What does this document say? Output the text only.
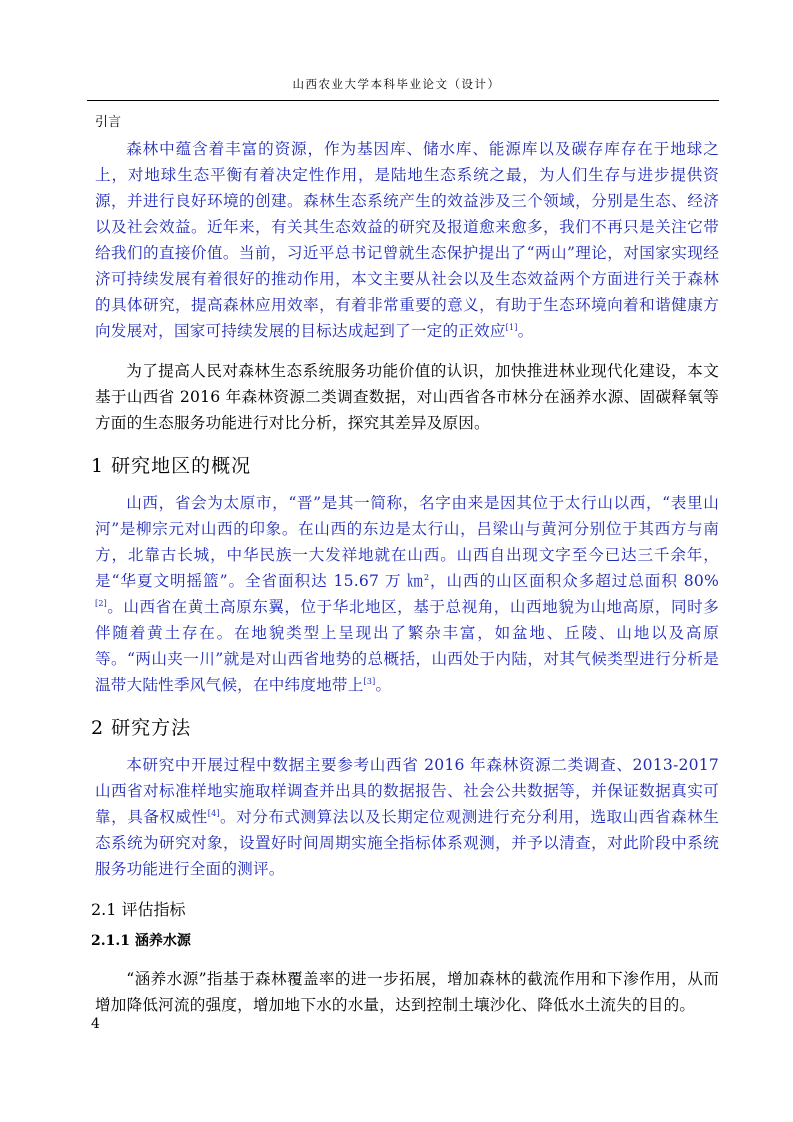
山西农业大学本科毕业论文（设计）

引言

森林中蕴含着丰富的资源，作为基因库、储水库、能源库以及碳存库存在于地球之上，对地球生态平衡有着决定性作用，是陆地生态系统之最，为人们生存与进步提供资源，并进行良好环境的创建。森林生态系统产生的效益涉及三个领域，分别是生态、经济以及社会效益。近年来，有关其生态效益的研究及报道愈来愈多，我们不再只是关注它带给我们的直接价值。当前，习近平总书记曾就生态保护提出了“两山”理论，对国家实现经济可持续发展有着很好的推动作用，本文主要从社会以及生态效益两个方面进行关于森林的具体研究，提高森林应用效率，有着非常重要的意义，有助于生态环境向着和谐健康方向发展对，国家可持续发展的目标达成起到了一定的正效应[1]。

为了提高人民对森林生态系统服务功能价值的认识，加快推进林业现代化建设，本文基于山西省 2016 年森林资源二类调查数据，对山西省各市林分在涵养水源、固碳释氧等方面的生态服务功能进行对比分析，探究其差异及原因。

1 研究地区的概况

山西，省会为太原市，“晋”是其一简称，名字由来是因其位于太行山以西，“表里山河”是柳宗元对山西的印象。在山西的东边是太行山，吕梁山与黄河分别位于其西方与南方，北靠古长城，中华民族一大发祥地就在山西。山西自出现文字至今已达三千余年，是“华夏文明摇篮”。全省面积达 15.67 万 ㎞$^2$，山西的山区面积众多超过总面积 80%[2]。山西省在黄土高原东翼，位于华北地区，基于总视角，山西地貌为山地高原，同时多伴随着黄土存在。在地貌类型上呈现出了繁杂丰富，如盆地、丘陵、山地以及高原等。“两山夹一川”就是对山西省地势的总概括，山西处于内陆，对其气候类型进行分析是温带大陆性季风气候，在中纬度地带上[3]。

2 研究方法

本研究中开展过程中数据主要参考山西省 2016 年森林资源二类调查、2013-2017 山西省对标准样地实施取样调查并出具的数据报告、社会公共数据等，并保证数据真实可靠，具备权威性[4]。对分布式测算法以及长期定位观测进行充分利用，选取山西省森林生态系统为研究对象，设置好时间周期实施全指标体系观测，并予以清查，对此阶段中系统服务功能进行全面的测评。

2.1 评估指标
2.1.1 涵养水源

“涵养水源”指基于森林覆盖率的进一步拓展，增加森林的截流作用和下渗作用，从而增加降低河流的强度，增加地下水的水量，达到控制土壤沙化、降低水土流失的目的。

4
